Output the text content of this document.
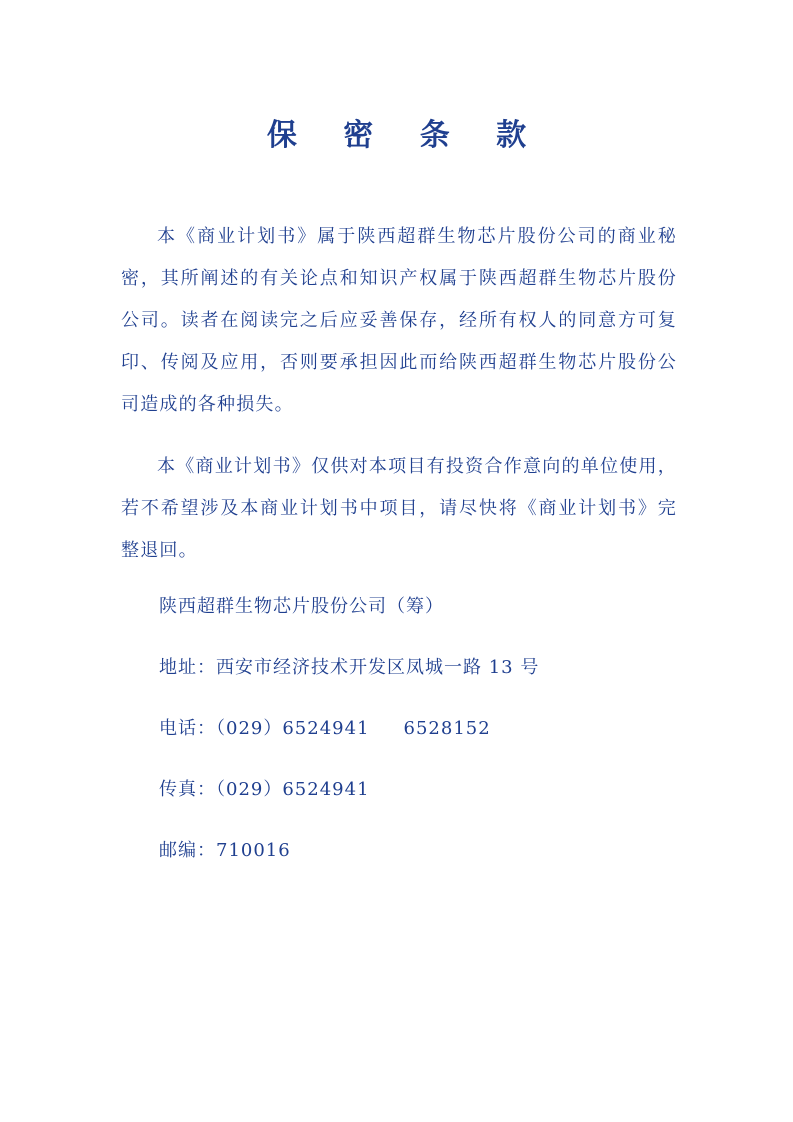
保 密 条 款

本《商业计划书》属于陕西超群生物芯片股份公司的商业秘密，其所阐述的有关论点和知识产权属于陕西超群生物芯片股份公司。读者在阅读完之后应妥善保存，经所有权人的同意方可复印、传阅及应用，否则要承担因此而给陕西超群生物芯片股份公司造成的各种损失。

本《商业计划书》仅供对本项目有投资合作意向的单位使用，若不希望涉及本商业计划书中项目，请尽快将《商业计划书》完整退回。

陕西超群生物芯片股份公司（筹）
地址：西安市经济技术开发区凤城一路 13 号
电话：（029）6524941 6528152
传真：（029）6524941
邮编：710016
